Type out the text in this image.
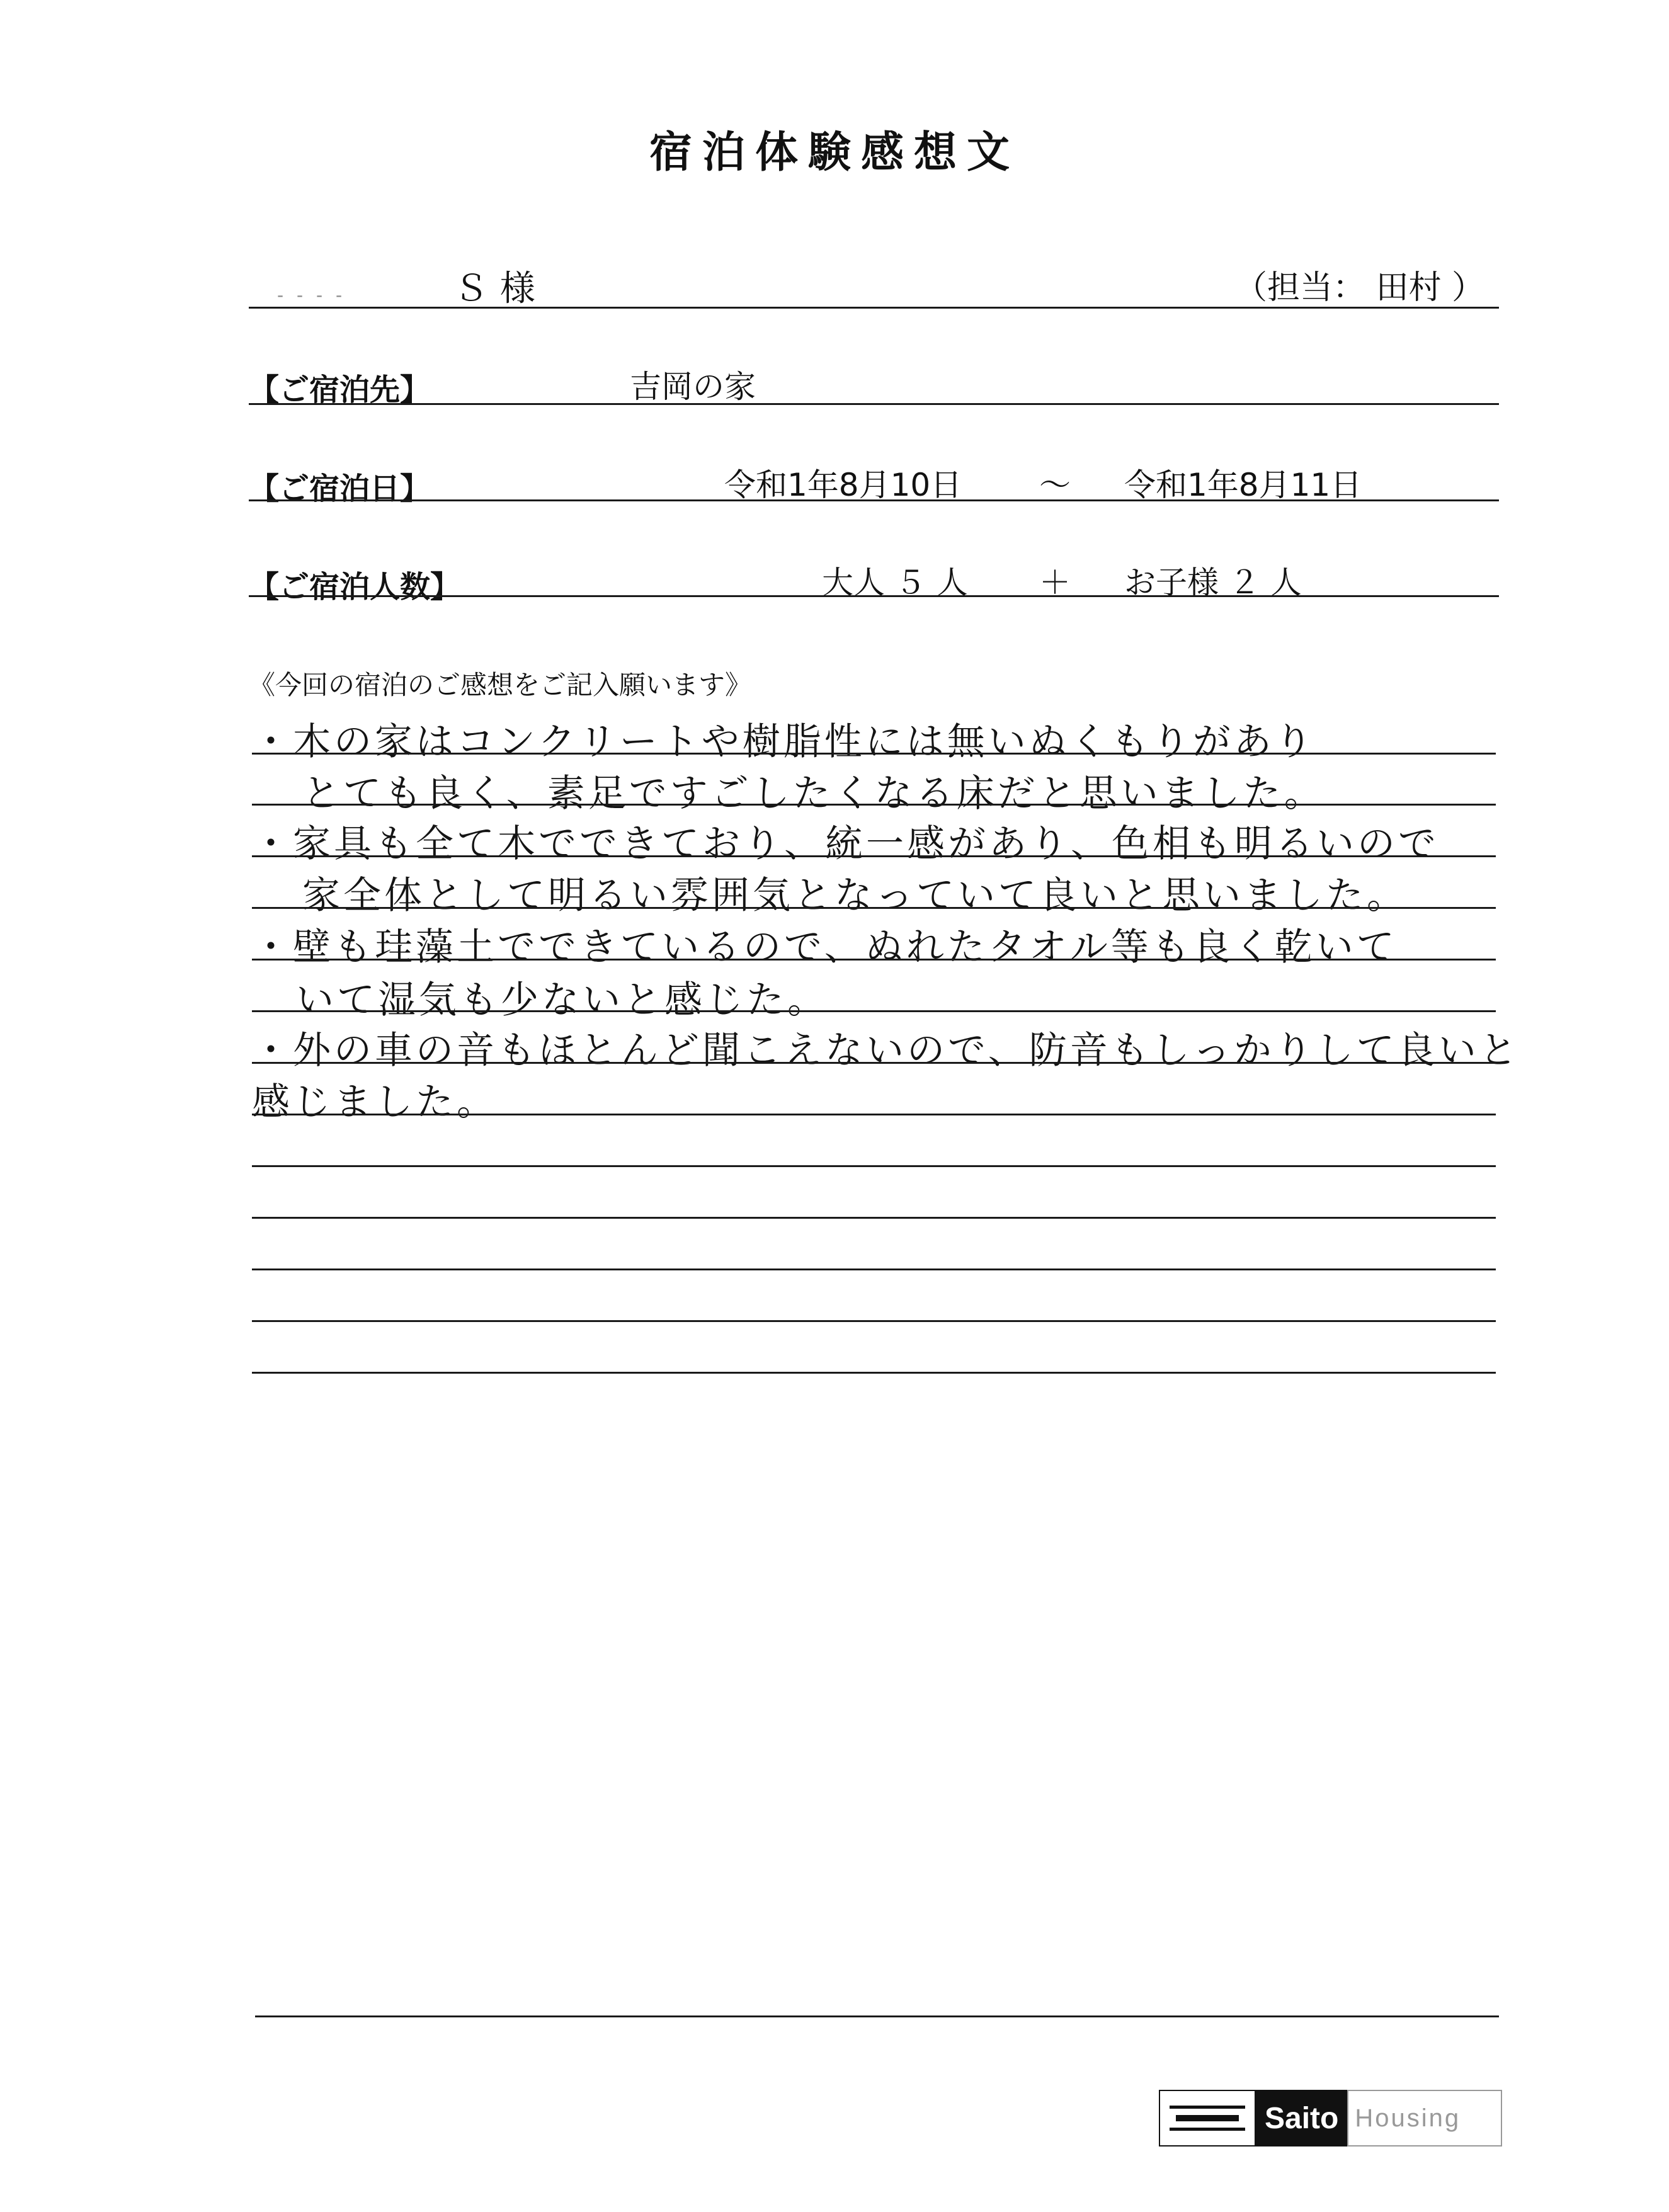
宿泊体験感想文
- - - -	Ｓ 様	（担当： 田村 ）
【ご宿泊先】	吉岡の家
【ご宿泊日】	令和1年8月10日 ～ 令和1年8月11日
【ご宿泊人数】	大人 ５ 人 ＋ お子様 ２ 人
《今回の宿泊のご感想をご記入願います》
・木の家はコンクリートや樹脂性には無いぬくもりがあり
とても良く、素足ですごしたくなる床だと思いました。
・家具も全て木でできており、統一感があり、色相も明るいので
家全体として明るい雰囲気となっていて良いと思いました。
・壁も珪藻土でできているので、ぬれたタオル等も良く乾いて
いて湿気も少ないと感じた。
・外の車の音もほとんど聞こえないので、防音もしっかりして良いと
感じました。
Saito Housing
